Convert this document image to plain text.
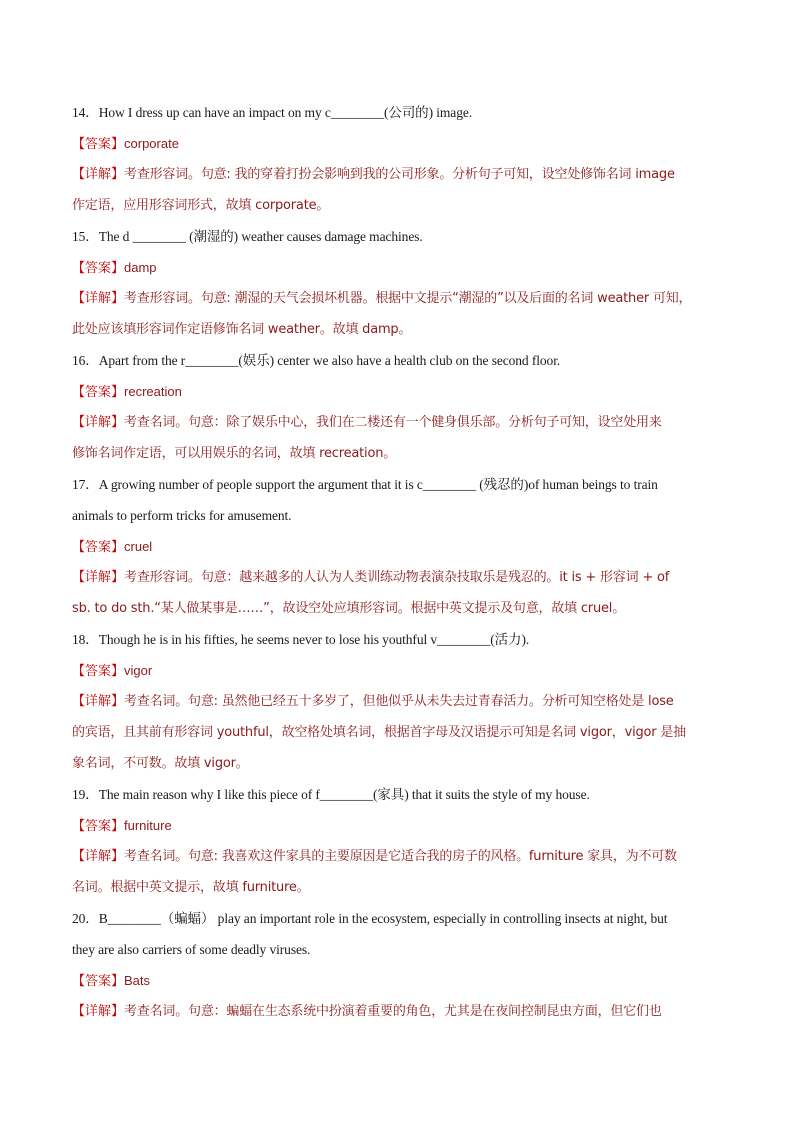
14．How I dress up can have an impact on my c________(公司的) image.
【答案】corporate
【详解】考查形容词。句意: 我的穿着打扮会影响到我的公司形象。分析句子可知，设空处修饰名词 image
作定语，应用形容词形式，故填 corporate。
15．The d ________ (潮湿的) weather causes damage machines.
【答案】damp
【详解】考查形容词。句意: 潮湿的天气会损坏机器。根据中文提示“潮湿的”以及后面的名词 weather 可知，
此处应该填形容词作定语修饰名词 weather。故填 damp。
16．Apart from the r________(娱乐) center we also have a health club on the second floor.
【答案】recreation
【详解】考查名词。句意：除了娱乐中心，我们在二楼还有一个健身俱乐部。分析句子可知，设空处用来
修饰名词作定语，可以用娱乐的名词，故填 recreation。
17．A growing number of people support the argument that it is c________ (残忍的)of human beings to train
animals to perform tricks for amusement.
【答案】cruel
【详解】考查形容词。句意：越来越多的人认为人类训练动物表演杂技取乐是残忍的。it is + 形容词 + of
sb. to do sth.“某人做某事是……”，故设空处应填形容词。根据中英文提示及句意，故填 cruel。
18．Though he is in his fifties, he seems never to lose his youthful v________(活力).
【答案】vigor
【详解】考查名词。句意: 虽然他已经五十多岁了，但他似乎从未失去过青春活力。分析可知空格处是 lose
的宾语，且其前有形容词 youthful，故空格处填名词，根据首字母及汉语提示可知是名词 vigor，vigor 是抽
象名词，不可数。故填 vigor。
19．The main reason why I like this piece of f________(家具) that it suits the style of my house.
【答案】furniture
【详解】考查名词。句意: 我喜欢这件家具的主要原因是它适合我的房子的风格。furniture 家具，为不可数
名词。根据中英文提示，故填 furniture。
20．B________（蝙蝠） play an important role in the ecosystem, especially in controlling insects at night, but
they are also carriers of some deadly viruses.
【答案】Bats
【详解】考查名词。句意：蝙蝠在生态系统中扮演着重要的角色，尤其是在夜间控制昆虫方面，但它们也
